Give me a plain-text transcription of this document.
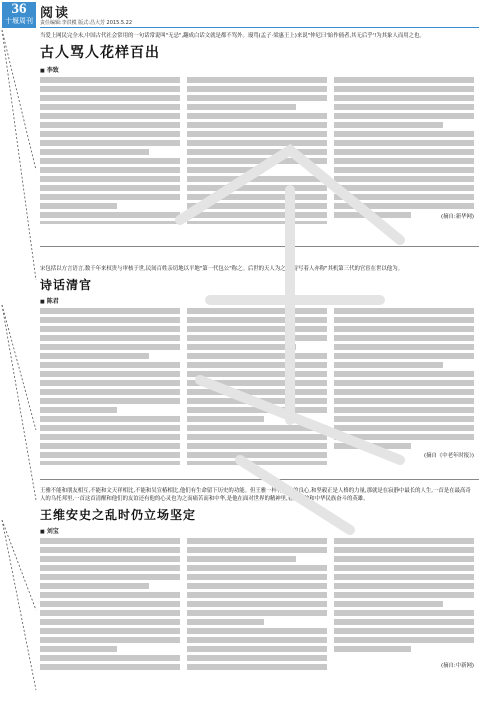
36
十堰周刊 阅读
责任编辑:李洪模 版式:昌大芳 2015.5.22
当爱上网民完全未,中国古代社会常用的一句话常说叫"无忌",翻成白话文就是都不骂外。谩骂(孟子·梁惠王上)来说"仲尼曰'始作俑者,其无后乎'!为其象人而用之也。
古人骂人花样百出
■ 李致
(摘自:新华网)
宋包括以方言语言,数千年来权贵与审核于世,民间百姓亲切地以平地"第一代包公"称之。后世的天人为之称,诗写着人亦称"其机第三代的官宦在世以他为。
诗话清官
■ 陈君
(摘自《中老年时报》)
王雅不能和朋友相互,不能和文天祥相比,不能和吴宣椿相比,他们有生命留下历史的功能。但王雅一样有做人的良心,和坚毅正是人格的力量,那就是在寂静中最长的人生,一首是在最高奇人的乌托邦里,一首这首清醒和他们的友谊还有他的心灵也为之而痛苦而和中华,是他在面对世界的精神里,看到了敢和中华民族奋斗的英雄。
王维安史之乱时仍立场坚定
■ 刘宝
(摘自:中新网)
